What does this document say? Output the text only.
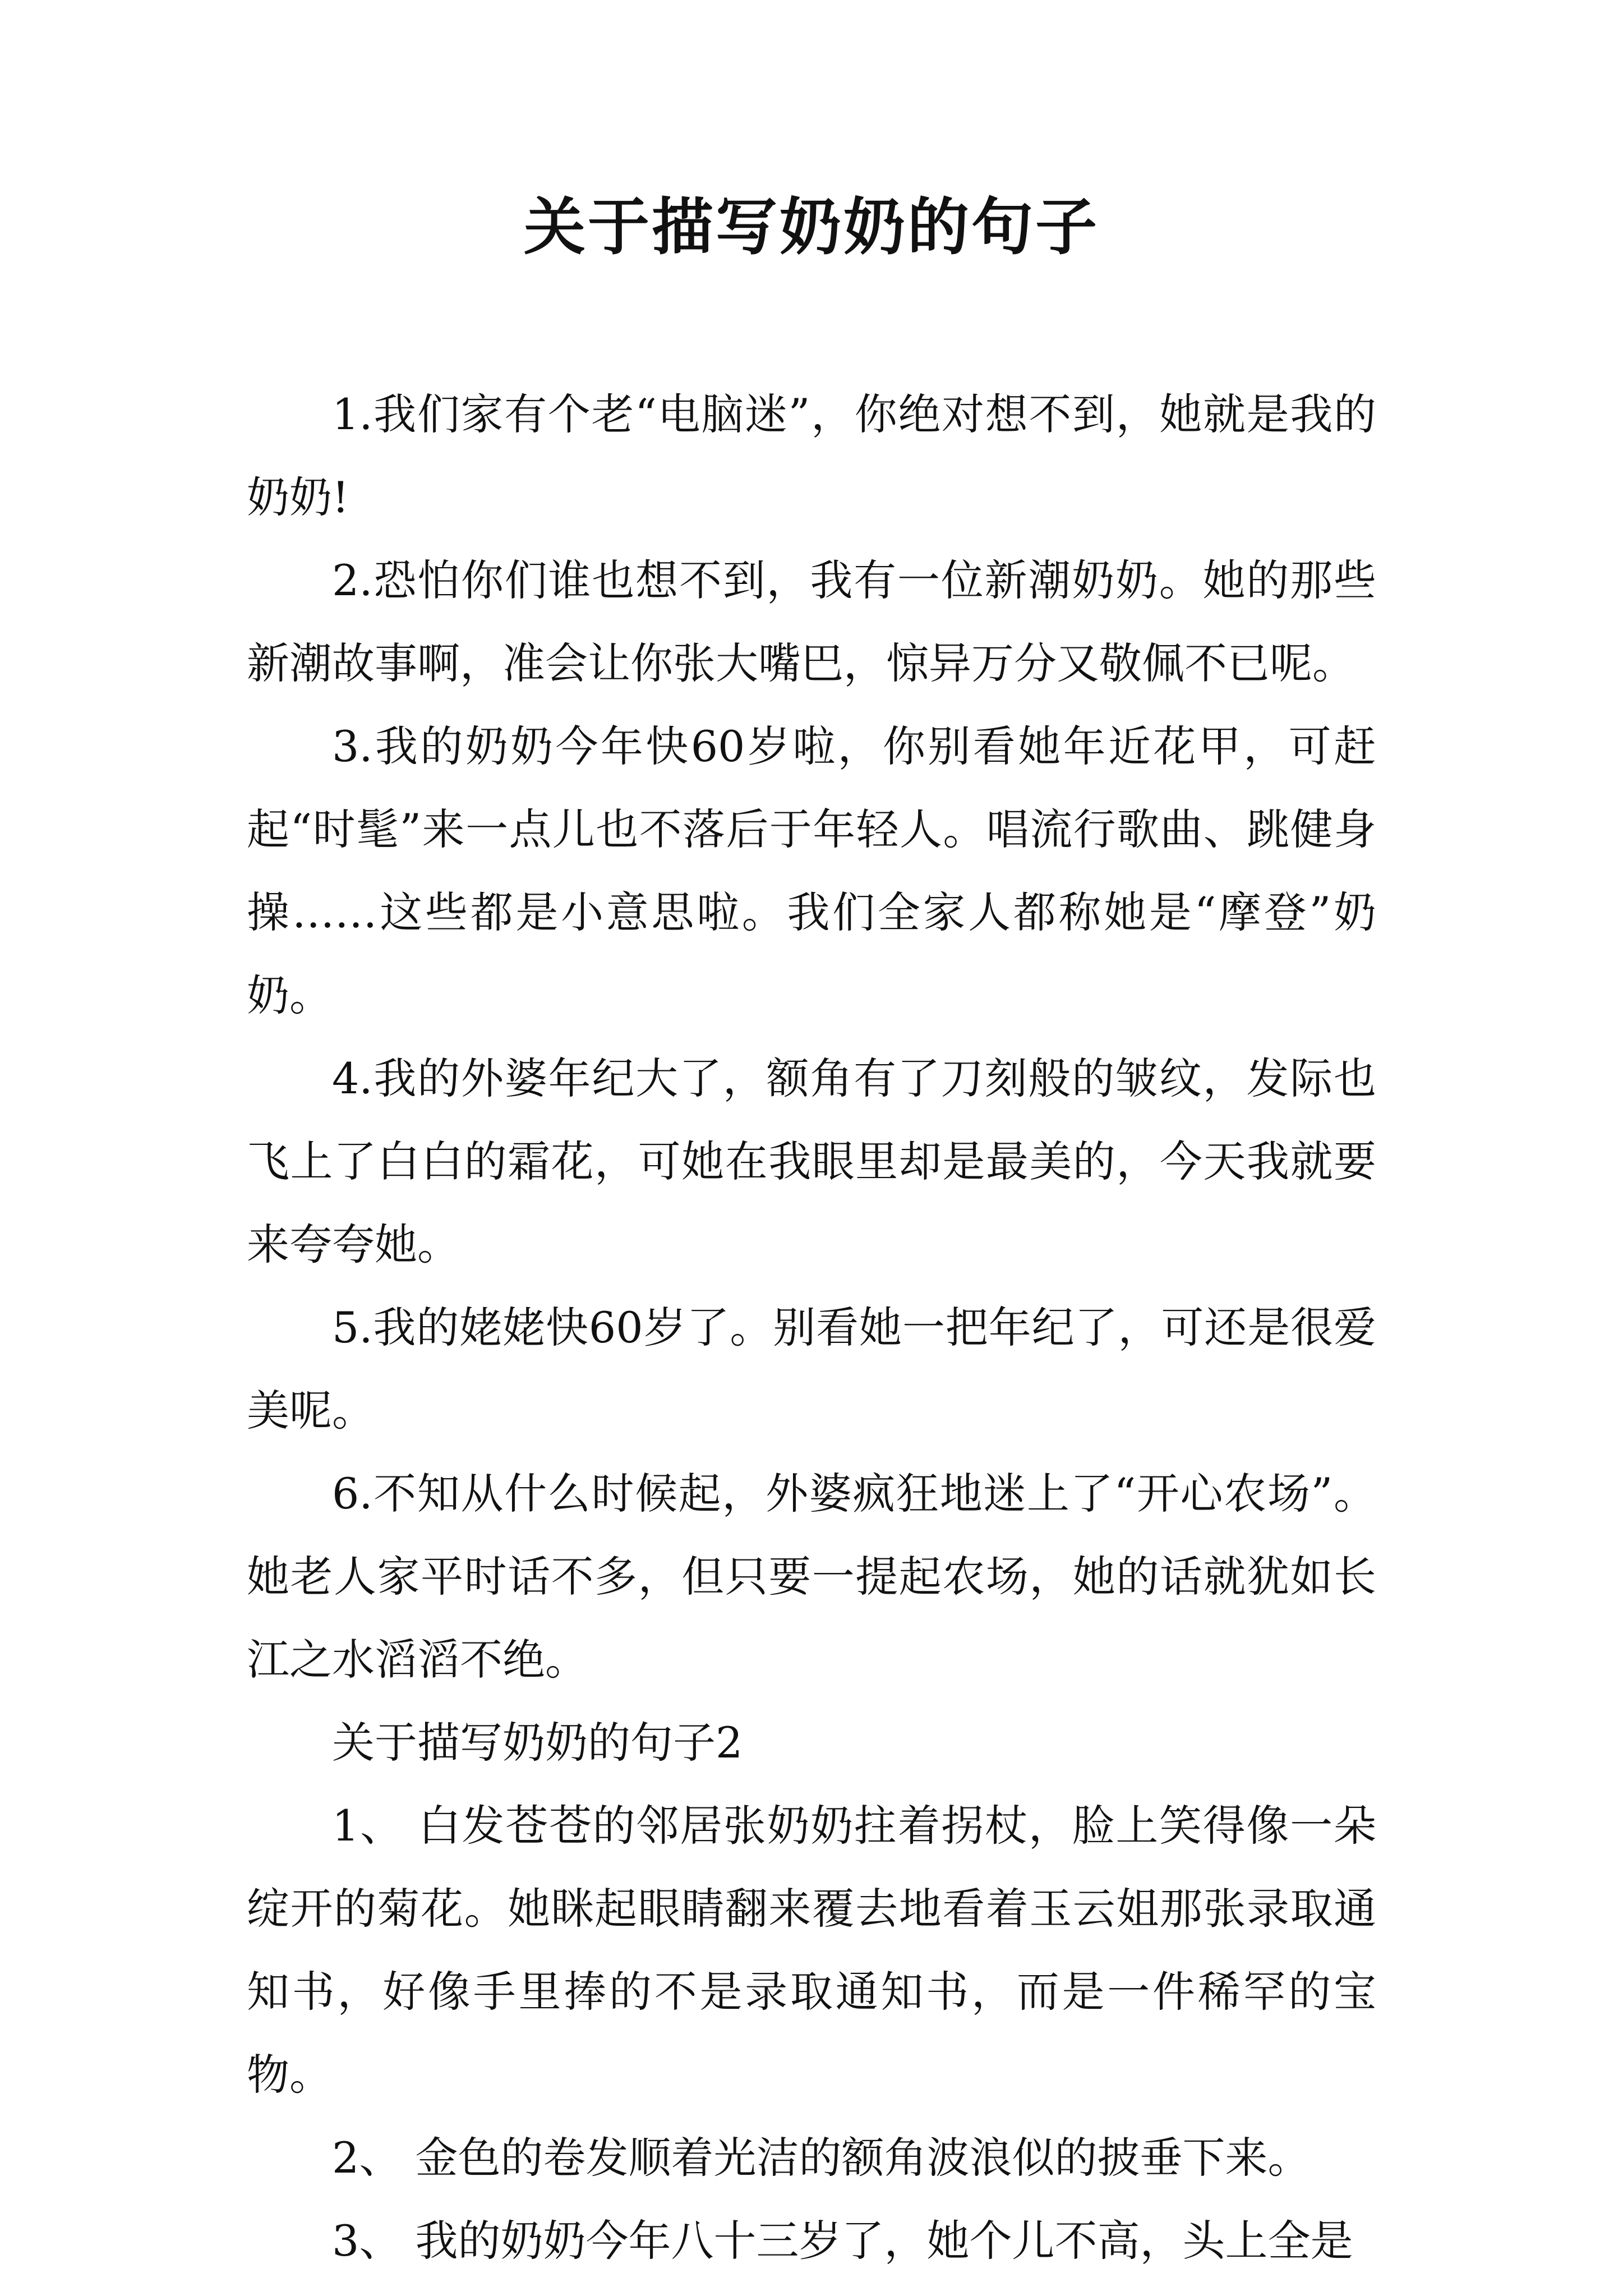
关于描写奶奶的句子

1.我们家有个老“电脑迷”，你绝对想不到，她就是我的奶奶!

2.恐怕你们谁也想不到，我有一位新潮奶奶。她的那些新潮故事啊，准会让你张大嘴巴，惊异万分又敬佩不已呢。

3.我的奶奶今年快60岁啦，你别看她年近花甲，可赶起“时髦”来一点儿也不落后于年轻人。唱流行歌曲、跳健身操……这些都是小意思啦。我们全家人都称她是“摩登”奶奶。

4.我的外婆年纪大了，额角有了刀刻般的皱纹，发际也飞上了白白的霜花，可她在我眼里却是最美的，今天我就要来夸夸她。

5.我的姥姥快60岁了。别看她一把年纪了，可还是很爱美呢。

6.不知从什么时候起，外婆疯狂地迷上了“开心农场”。她老人家平时话不多，但只要一提起农场，她的话就犹如长江之水滔滔不绝。

关于描写奶奶的句子2

1、 白发苍苍的邻居张奶奶拄着拐杖，脸上笑得像一朵绽开的菊花。她眯起眼睛翻来覆去地看着玉云姐那张录取通知书，好像手里捧的不是录取通知书，而是一件稀罕的宝物。

2、 金色的卷发顺着光洁的额角波浪似的披垂下来。

3、 我的奶奶今年八十三岁了，她个儿不高，头上全是
